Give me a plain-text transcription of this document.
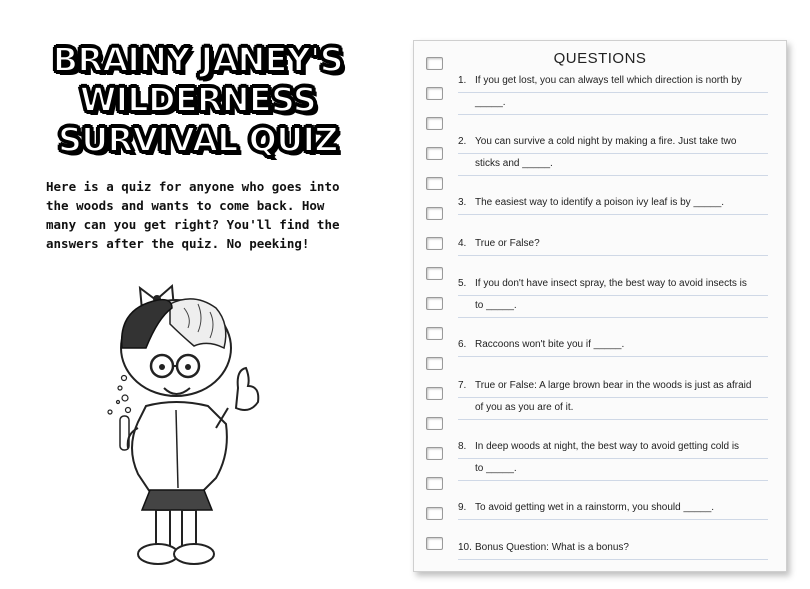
BRAINY JANEY'S
WILDERNESS
SURVIVAL QUIZ
Here is a quiz for anyone who goes into the woods and wants to come back. How many can you get right? You'll find the answers after the quiz. No peeking!
QUESTIONS
1. If you get lost, you can always tell which direction is north by
_____.
2. You can survive a cold night by making a fire. Just take two
sticks and _____.
3. The easiest way to identify a poison ivy leaf is by _____.
4. True or False?
5. If you don't have insect spray, the best way to avoid insects is
to _____.
6. Raccoons won't bite you if _____.
7. True or False: A large brown bear in the woods is just as afraid
of you as you are of it.
8. In deep woods at night, the best way to avoid getting cold is
to _____.
9. To avoid getting wet in a rainstorm, you should _____.
10. Bonus Question: What is a bonus?
